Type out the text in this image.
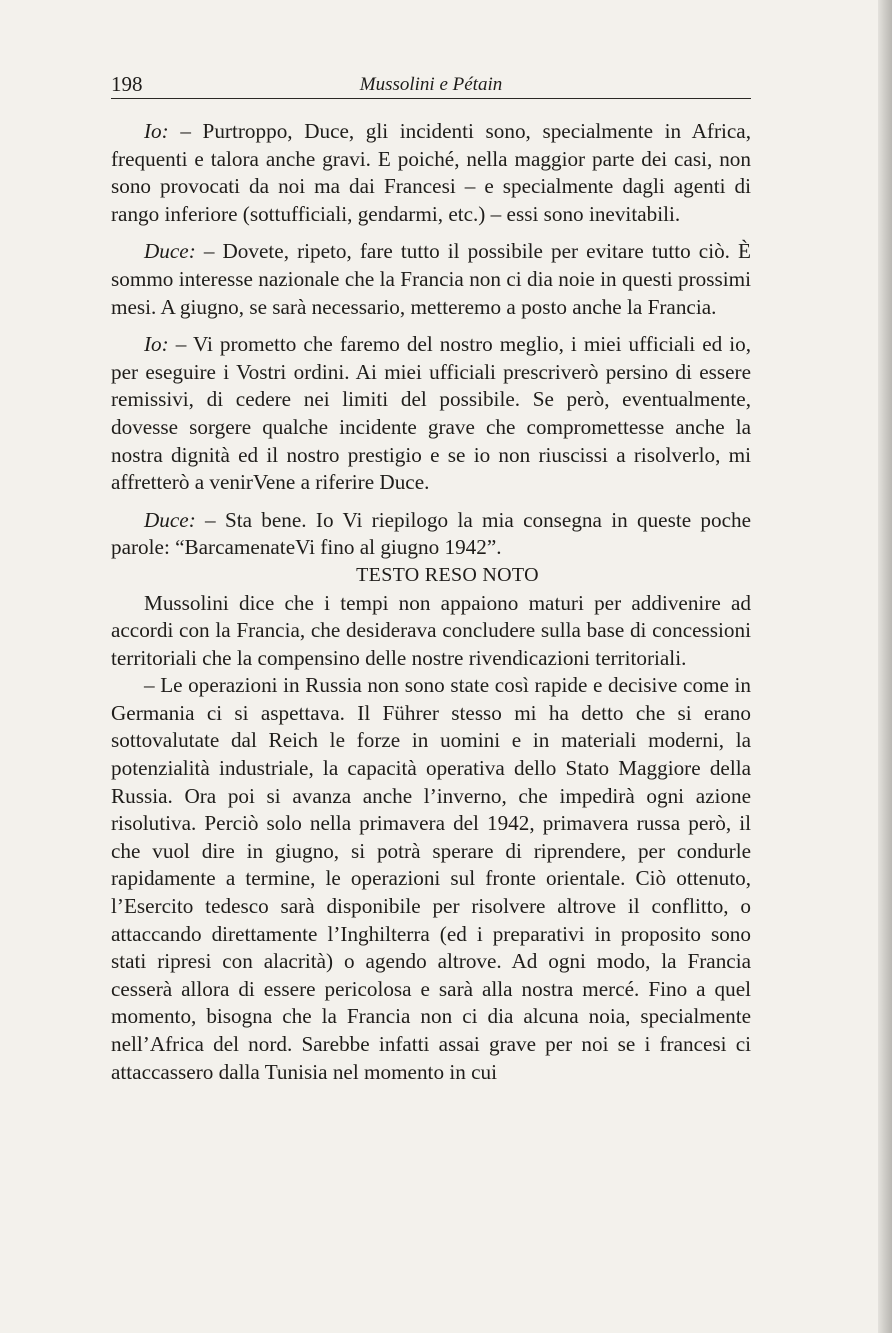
198	Mussolini e Pétain

Io: – Purtroppo, Duce, gli incidenti sono, specialmente in Africa, frequenti e talora anche gravi. E poiché, nella maggior parte dei casi, non sono provocati da noi ma dai Francesi – e specialmente dagli agenti di rango inferiore (sottufficiali, gendarmi, etc.) – essi sono inevitabili.

Duce: – Dovete, ripeto, fare tutto il possibile per evitare tutto ciò. È sommo interesse nazionale che la Francia non ci dia noie in questi prossimi mesi. A giugno, se sarà necessario, metteremo a posto anche la Francia.

Io: – Vi prometto che faremo del nostro meglio, i miei ufficiali ed io, per eseguire i Vostri ordini. Ai miei ufficiali prescriverò persino di essere remissivi, di cedere nei limiti del possibile. Se però, eventualmente, dovesse sorgere qualche incidente grave che compromettesse anche la nostra dignità ed il nostro prestigio e se io non riuscissi a risolverlo, mi affretterò a venirVene a riferire Duce.

Duce: – Sta bene. Io Vi riepilogo la mia consegna in queste poche parole: “BarcamenateVi fino al giugno 1942”.

TESTO RESO NOTO

Mussolini dice che i tempi non appaiono maturi per addivenire ad accordi con la Francia, che desiderava concludere sulla base di concessioni territoriali che la compensino delle nostre rivendicazioni territoriali.

– Le operazioni in Russia non sono state così rapide e decisive come in Germania ci si aspettava. Il Führer stesso mi ha detto che si erano sottovalutate dal Reich le forze in uomini e in materiali moderni, la potenzialità industriale, la capacità operativa dello Stato Maggiore della Russia. Ora poi si avanza anche l’inverno, che impedirà ogni azione risolutiva. Perciò solo nella primavera del 1942, primavera russa però, il che vuol dire in giugno, si potrà sperare di riprendere, per condurle rapidamente a termine, le operazioni sul fronte orientale. Ciò ottenuto, l’Esercito tedesco sarà disponibile per risolvere altrove il conflitto, o attaccando direttamente l’Inghilterra (ed i preparativi in proposito sono stati ripresi con alacrità) o agendo altrove. Ad ogni modo, la Francia cesserà allora di essere pericolosa e sarà alla nostra mercé. Fino a quel momento, bisogna che la Francia non ci dia alcuna noia, specialmente nell’Africa del nord. Sarebbe infatti assai grave per noi se i francesi ci attaccassero dalla Tunisia nel momento in cui
